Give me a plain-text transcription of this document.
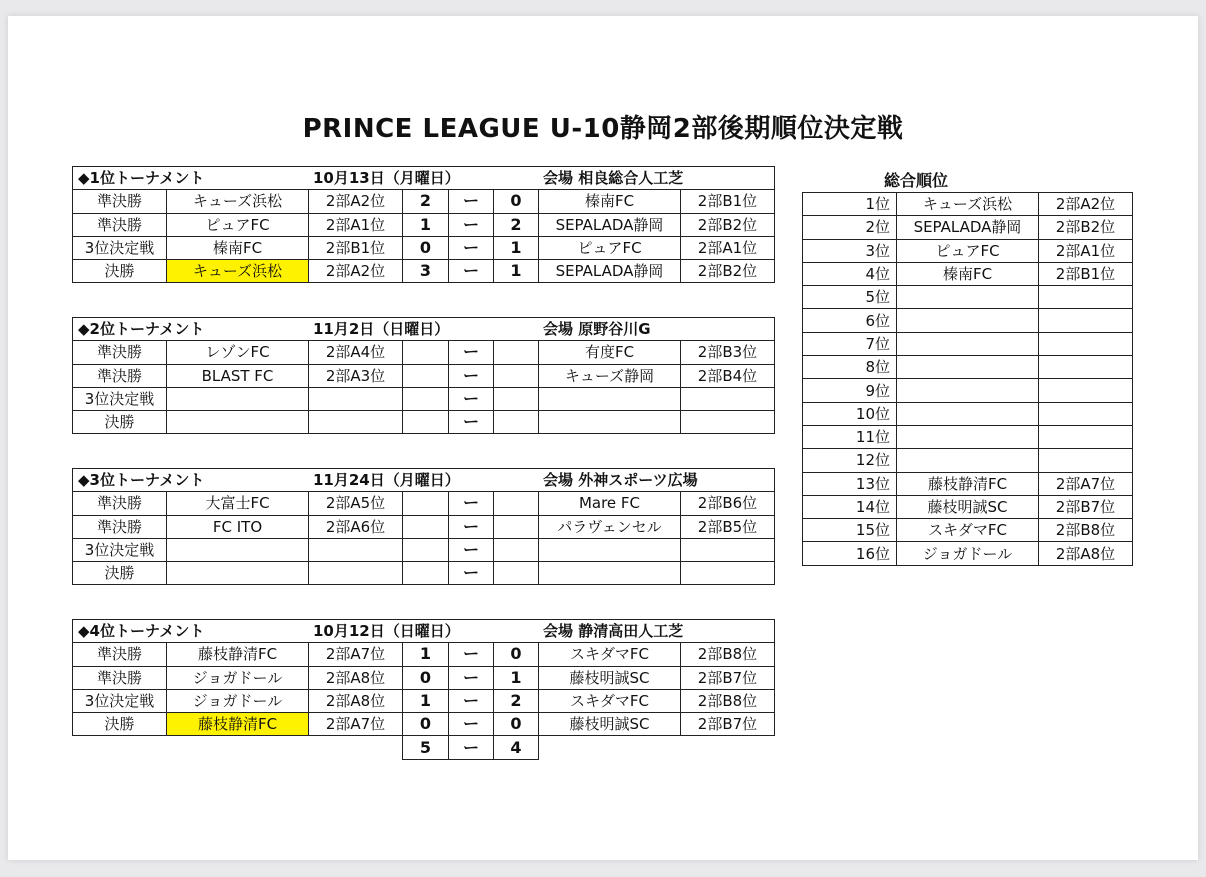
PRINCE LEAGUE U-10静岡2部後期順位決定戦
◆1位トーナメント 10月13日（月曜日） 会場 相良総合人工芝							

準決勝	キューズ浜松	2部A2位	2	ー	0	榛南FC	2部B1位
準決勝	ピュアFC	2部A1位	1	ー	2	SEPALADA静岡	2部B2位
3位決定戦	榛南FC	2部B1位	0	ー	1	ピュアFC	2部A1位
決勝	キューズ浜松	2部A2位	3	ー	1	SEPALADA静岡	2部B2位
◆2位トーナメント 11月2日（日曜日） 会場 原野谷川G							

準決勝	レゾンFC	2部A4位		ー		有度FC	2部B3位
準決勝	BLAST FC	2部A3位		ー		キューズ静岡	2部B4位
3位決定戦				ー			
決勝				ー			
◆3位トーナメント 11月24日（月曜日） 会場 外神スポーツ広場							

準決勝	大富士FC	2部A5位		ー		Mare FC	2部B6位
準決勝	FC ITO	2部A6位		ー		パラヴェンセル	2部B5位
3位決定戦				ー			
決勝				ー			
◆4位トーナメント 10月12日（日曜日） 会場 静清高田人工芝							

準決勝	藤枝静清FC	2部A7位	1	ー	0	スキダマFC	2部B8位
準決勝	ジョガドール	2部A8位	0	ー	1	藤枝明誠SC	2部B7位
3位決定戦	ジョガドール	2部A8位	1	ー	2	スキダマFC	2部B8位
決勝	藤枝静清FC	2部A7位	0	ー	0	藤枝明誠SC	2部B7位
			5	ー	4		
総合順位
1位	キューズ浜松	2部A2位
2位	SEPALADA静岡	2部B2位
3位	ピュアFC	2部A1位
4位	榛南FC	2部B1位
5位		
6位		
7位		
8位		
9位		
10位		
11位		
12位		
13位	藤枝静清FC	2部A7位
14位	藤枝明誠SC	2部B7位
15位	スキダマFC	2部B8位
16位	ジョガドール	2部A8位
